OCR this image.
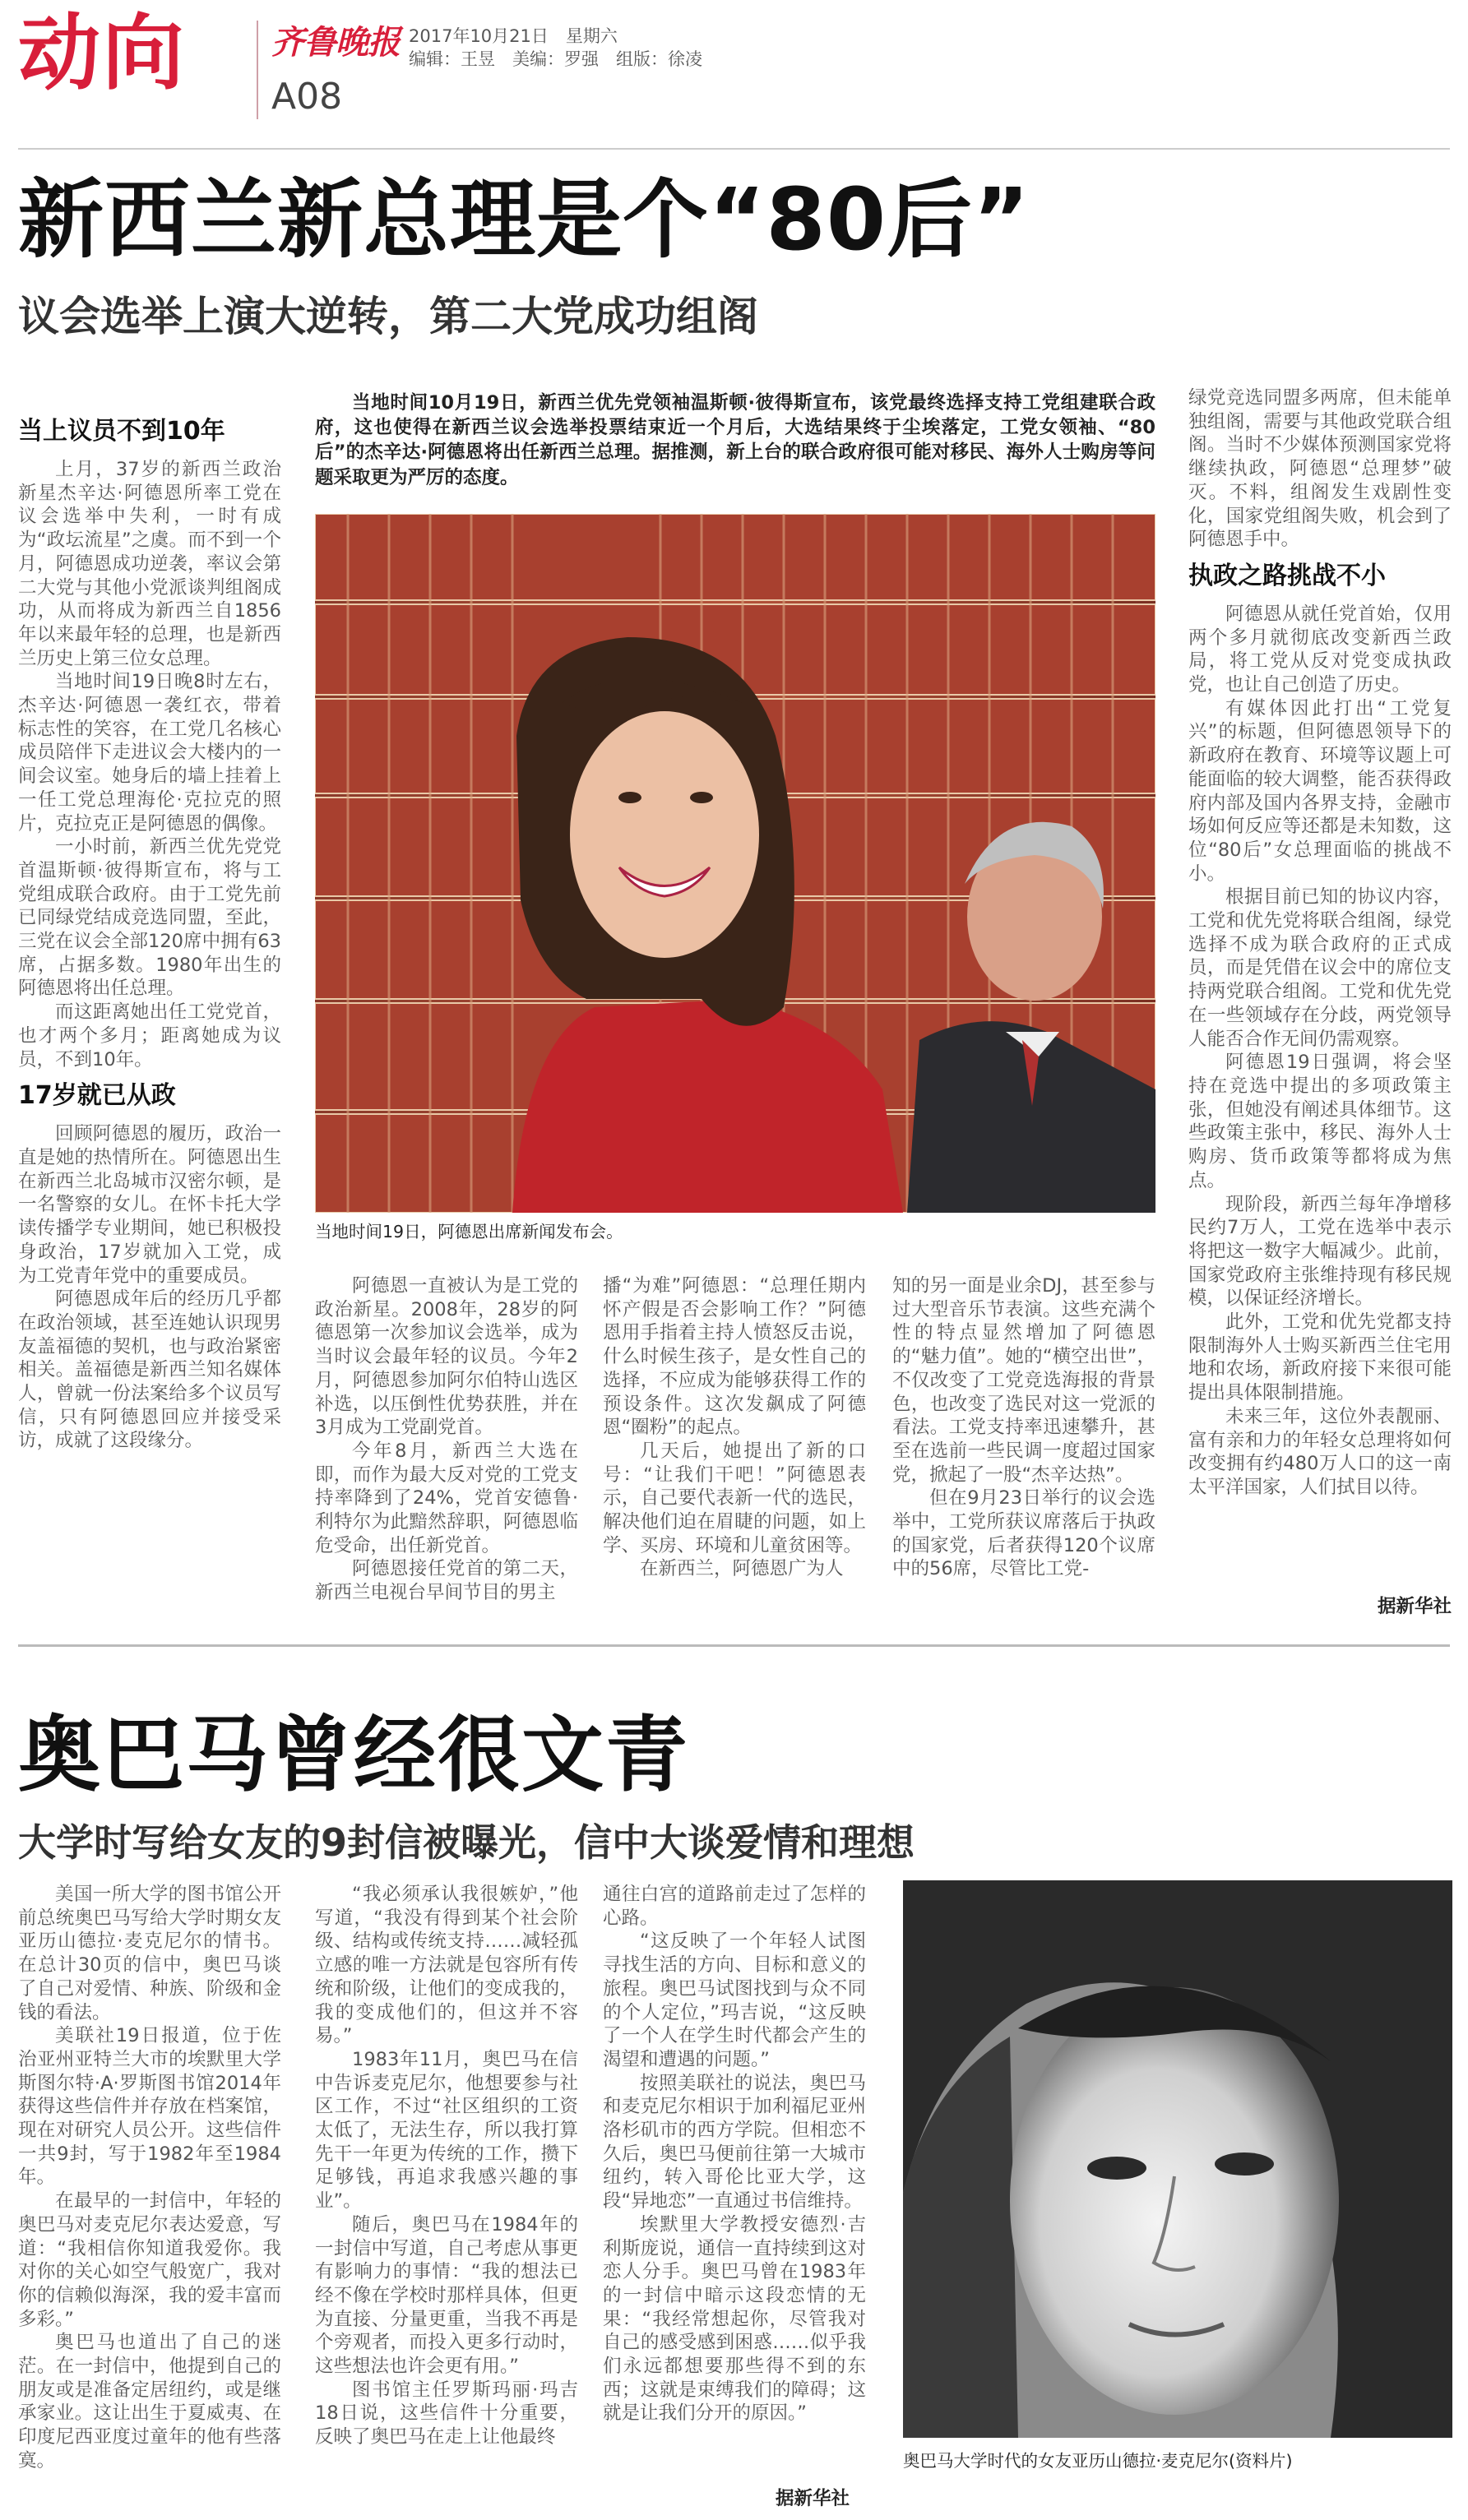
动向	齐鲁晚报 2017年10月21日　星期六
编辑：王昱　美编：罗强　组版：徐凌
A08
新西兰新总理是个“80后”
议会选举上演大逆转，第二大党成功组阁

当地时间10月19日，新西兰优先党领袖温斯顿·彼得斯宣布，该党最终选择支持工党组建联合政府，这也使得在新西兰议会选举投票结束近一个月后，大选结果终于尘埃落定，工党女领袖、“80后”的杰辛达·阿德恩将出任新西兰总理。据推测，新上台的联合政府很可能对移民、海外人士购房等问题采取更为严厉的态度。

当地时间19日，阿德恩出席新闻发布会。

当上议员不到10年

上月，37岁的新西兰政治新星杰辛达·阿德恩所率工党在议会选举中失利，一时有成为“政坛流星”之虞。而不到一个月，阿德恩成功逆袭，率议会第二大党与其他小党派谈判组阁成功，从而将成为新西兰自1856年以来最年轻的总理，也是新西兰历史上第三位女总理。

当地时间19日晚8时左右，杰辛达·阿德恩一袭红衣，带着标志性的笑容，在工党几名核心成员陪伴下走进议会大楼内的一间会议室。她身后的墙上挂着上一任工党总理海伦·克拉克的照片，克拉克正是阿德恩的偶像。

一小时前，新西兰优先党党首温斯顿·彼得斯宣布，将与工党组成联合政府。由于工党先前已同绿党结成竞选同盟，至此，三党在议会全部120席中拥有63席，占据多数。1980年出生的阿德恩将出任总理。

而这距离她出任工党党首，也才两个多月；距离她成为议员，不到10年。

17岁就已从政

回顾阿德恩的履历，政治一直是她的热情所在。阿德恩出生在新西兰北岛城市汉密尔顿，是一名警察的女儿。在怀卡托大学读传播学专业期间，她已积极投身政治，17岁就加入工党，成为工党青年党中的重要成员。

阿德恩成年后的经历几乎都在政治领域，甚至连她认识现男友盖福德的契机，也与政治紧密相关。盖福德是新西兰知名媒体人，曾就一份法案给多个议员写信，只有阿德恩回应并接受采访，成就了这段缘分。

阿德恩一直被认为是工党的政治新星。2008年，28岁的阿德恩第一次参加议会选举，成为当时议会最年轻的议员。今年2月，阿德恩参加阿尔伯特山选区补选，以压倒性优势获胜，并在3月成为工党副党首。

今年8月，新西兰大选在即，而作为最大反对党的工党支持率降到了24%，党首安德鲁·利特尔为此黯然辞职，阿德恩临危受命，出任新党首。

阿德恩接任党首的第二天，新西兰电视台早间节目的男主

播“为难”阿德恩：“总理任期内怀产假是否会影响工作？”阿德恩用手指着主持人愤怒反击说，什么时候生孩子，是女性自己的选择，不应成为能够获得工作的预设条件。这次发飙成了阿德恩“圈粉”的起点。

几天后，她提出了新的口号：“让我们干吧！”阿德恩表示，自己要代表新一代的选民，解决他们迫在眉睫的问题，如上学、买房、环境和儿童贫困等。

在新西兰，阿德恩广为人

知的另一面是业余DJ，甚至参与过大型音乐节表演。这些充满个性的特点显然增加了阿德恩的“魅力值”。她的“横空出世”，不仅改变了工党竞选海报的背景色，也改变了选民对这一党派的看法。工党支持率迅速攀升，甚至在选前一些民调一度超过国家党，掀起了一股“杰辛达热”。

但在9月23日举行的议会选举中，工党所获议席落后于执政的国家党，后者获得120个议席中的56席，尽管比工党-

绿党竞选同盟多两席，但未能单独组阁，需要与其他政党联合组阁。当时不少媒体预测国家党将继续执政，阿德恩“总理梦”破灭。不料，组阁发生戏剧性变化，国家党组阁失败，机会到了阿德恩手中。

执政之路挑战不小

阿德恩从就任党首始，仅用两个多月就彻底改变新西兰政局，将工党从反对党变成执政党，也让自己创造了历史。

有媒体因此打出“工党复兴”的标题，但阿德恩领导下的新政府在教育、环境等议题上可能面临的较大调整，能否获得政府内部及国内各界支持，金融市场如何反应等还都是未知数，这位“80后”女总理面临的挑战不小。

根据目前已知的协议内容，工党和优先党将联合组阁，绿党选择不成为联合政府的正式成员，而是凭借在议会中的席位支持两党联合组阁。工党和优先党在一些领域存在分歧，两党领导人能否合作无间仍需观察。

阿德恩19日强调，将会坚持在竞选中提出的多项政策主张，但她没有阐述具体细节。这些政策主张中，移民、海外人士购房、货币政策等都将成为焦点。

现阶段，新西兰每年净增移民约7万人，工党在选举中表示将把这一数字大幅减少。此前，国家党政府主张维持现有移民规模，以保证经济增长。

此外，工党和优先党都支持限制海外人士购买新西兰住宅用地和农场，新政府接下来很可能提出具体限制措施。

未来三年，这位外表靓丽、富有亲和力的年轻女总理将如何改变拥有约480万人口的这一南太平洋国家，人们拭目以待。

据新华社
奥巴马曾经很文青
大学时写给女友的9封信被曝光，信中大谈爱情和理想

美国一所大学的图书馆公开前总统奥巴马写给大学时期女友亚历山德拉·麦克尼尔的情书。在总计30页的信中，奥巴马谈了自己对爱情、种族、阶级和金钱的看法。

美联社19日报道，位于佐治亚州亚特兰大市的埃默里大学斯图尔特·A·罗斯图书馆2014年获得这些信件并存放在档案馆，现在对研究人员公开。这些信件一共9封，写于1982年至1984年。

在最早的一封信中，年轻的奥巴马对麦克尼尔表达爱意，写道：“我相信你知道我爱你。我对你的关心如空气般宽广，我对你的信赖似海深，我的爱丰富而多彩。”

奥巴马也道出了自己的迷茫。在一封信中，他提到自己的朋友或是准备定居纽约，或是继承家业。这让出生于夏威夷、在印度尼西亚度过童年的他有些落寞。

“我必须承认我很嫉妒，”他写道，“我没有得到某个社会阶级、结构或传统支持……减轻孤立感的唯一方法就是包容所有传统和阶级，让他们的变成我的，我的变成他们的，但这并不容易。”

1983年11月，奥巴马在信中告诉麦克尼尔，他想要参与社区工作，不过“社区组织的工资太低了，无法生存，所以我打算先干一年更为传统的工作，攒下足够钱，再追求我感兴趣的事业”。

随后，奥巴马在1984年的一封信中写道，自己考虑从事更有影响力的事情：“我的想法已经不像在学校时那样具体，但更为直接、分量更重，当我不再是个旁观者，而投入更多行动时，这些想法也许会更有用。”

图书馆主任罗斯玛丽·玛吉18日说，这些信件十分重要，反映了奥巴马在走上让他最终

通往白宫的道路前走过了怎样的心路。

“这反映了一个年轻人试图寻找生活的方向、目标和意义的旅程。奥巴马试图找到与众不同的个人定位，”玛吉说，“这反映了一个人在学生时代都会产生的渴望和遭遇的问题。”

按照美联社的说法，奥巴马和麦克尼尔相识于加利福尼亚州洛杉矶市的西方学院。但相恋不久后，奥巴马便前往第一大城市纽约，转入哥伦比亚大学，这段“异地恋”一直通过书信维持。

埃默里大学教授安德烈·吉利斯庞说，通信一直持续到这对恋人分手。奥巴马曾在1983年的一封信中暗示这段恋情的无果：“我经常想起你，尽管我对自己的感受感到困惑……似乎我们永远都想要那些得不到的东西；这就是束缚我们的障碍；这就是让我们分开的原因。”

据新华社
奥巴马大学时代的女友亚历山德拉·麦克尼尔(资料片)
